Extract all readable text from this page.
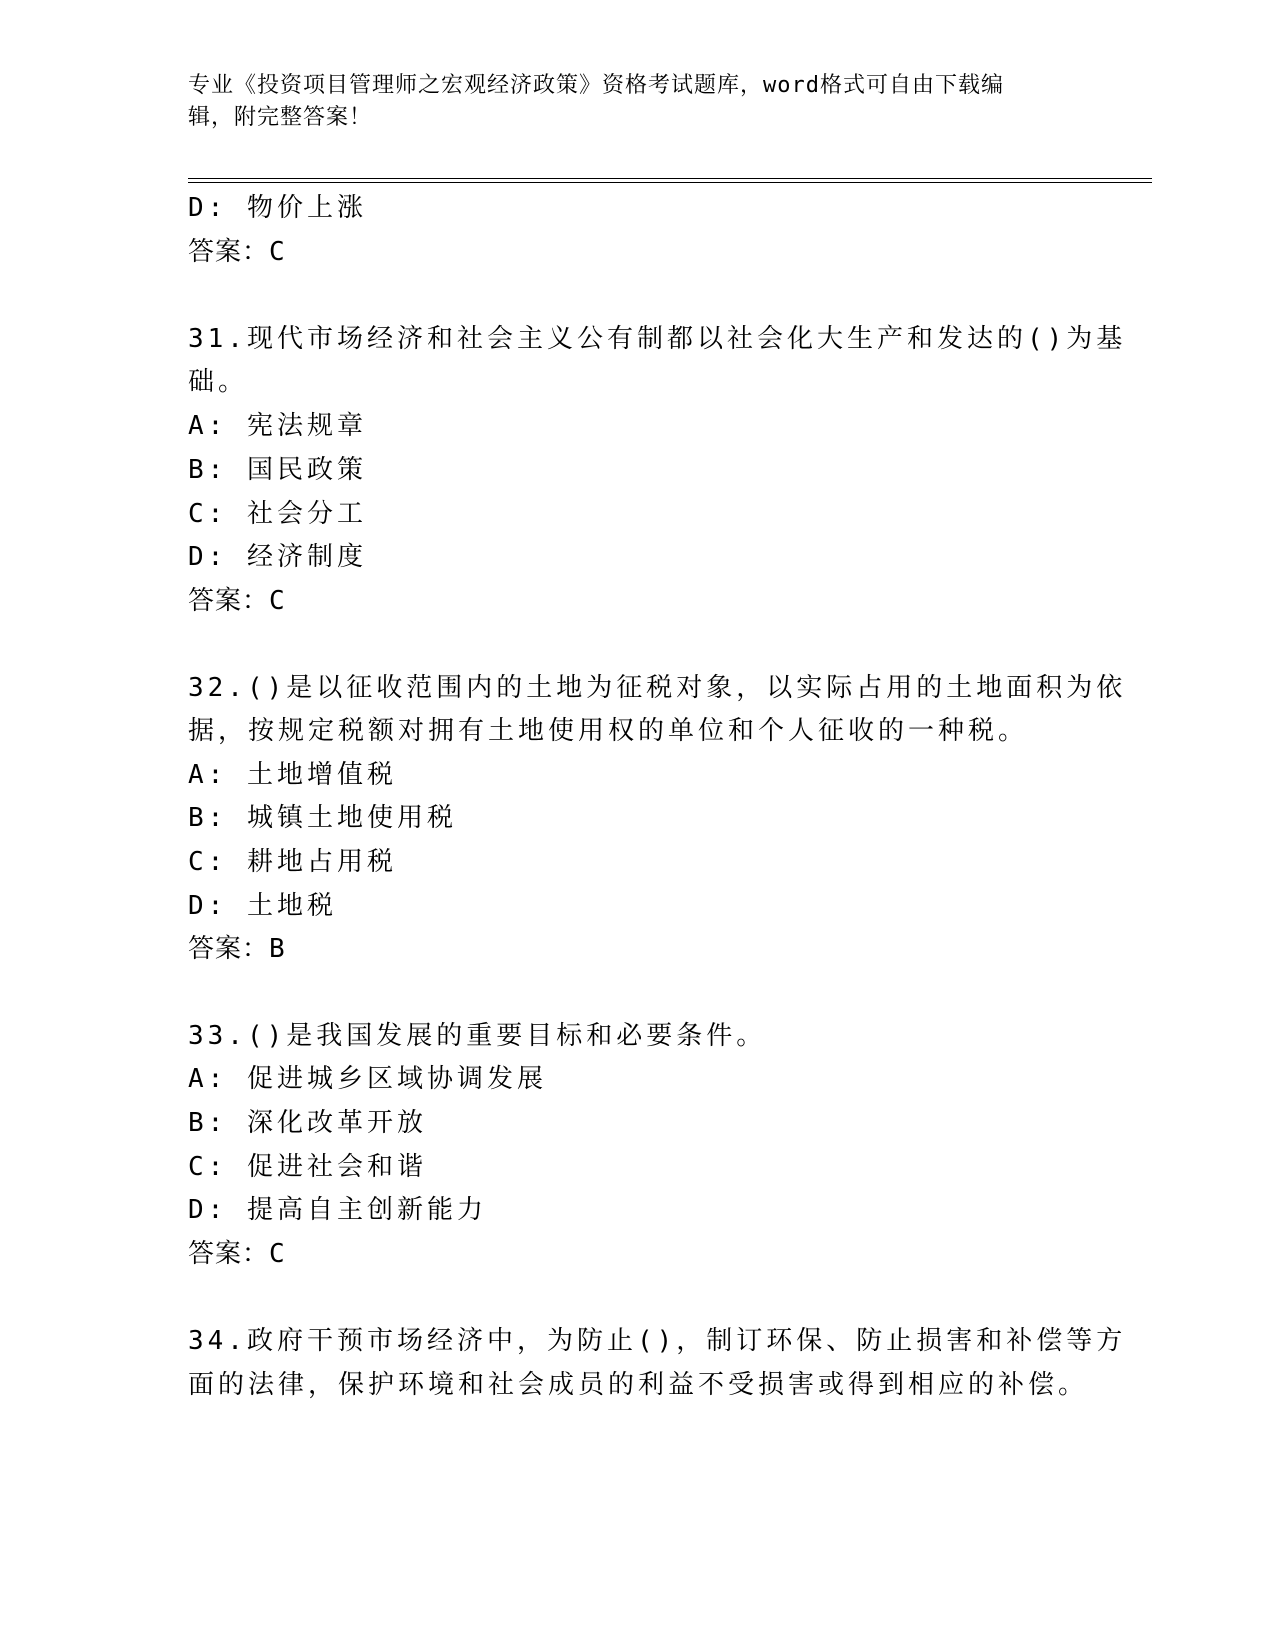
专业《投资项目管理师之宏观经济政策》资格考试题库，word格式可自由下载编
辑，附完整答案！
D: 物价上涨
答案：C
31.现代市场经济和社会主义公有制都以社会化大生产和发达的()为基
础。
A: 宪法规章
B: 国民政策
C: 社会分工
D: 经济制度
答案：C
32.()是以征收范围内的土地为征税对象，以实际占用的土地面积为依
据，按规定税额对拥有土地使用权的单位和个人征收的一种税。
A: 土地增值税
B: 城镇土地使用税
C: 耕地占用税
D: 土地税
答案：B
33.()是我国发展的重要目标和必要条件。
A: 促进城乡区域协调发展
B: 深化改革开放
C: 促进社会和谐
D: 提高自主创新能力
答案：C
34.政府干预市场经济中，为防止()，制订环保、防止损害和补偿等方
面的法律，保护环境和社会成员的利益不受损害或得到相应的补偿。
